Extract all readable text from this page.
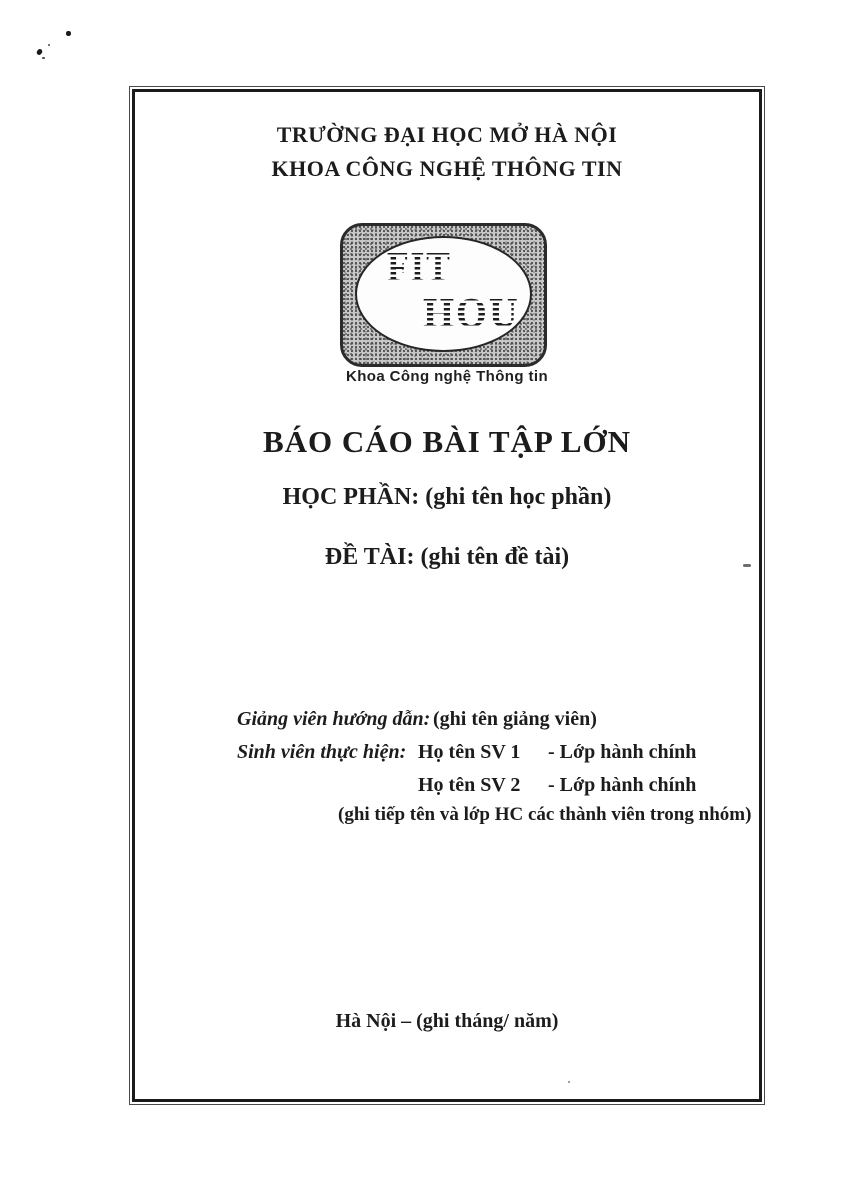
TRƯỜNG ĐẠI HỌC MỞ HÀ NỘI
KHOA CÔNG NGHỆ THÔNG TIN
FIT
HOU
Khoa Công nghệ Thông tin
BÁO CÁO BÀI TẬP LỚN
HỌC PHẦN: (ghi tên học phần)
ĐỀ TÀI: (ghi tên đề tài)
Giảng viên hướng dẫn: (ghi tên giảng viên)
Sinh viên thực hiện: Họ tên SV 1	- Lớp hành chính
Họ tên SV 2	- Lớp hành chính
(ghi tiếp tên và lớp HC các thành viên trong nhóm)
Hà Nội – (ghi tháng/ năm)
